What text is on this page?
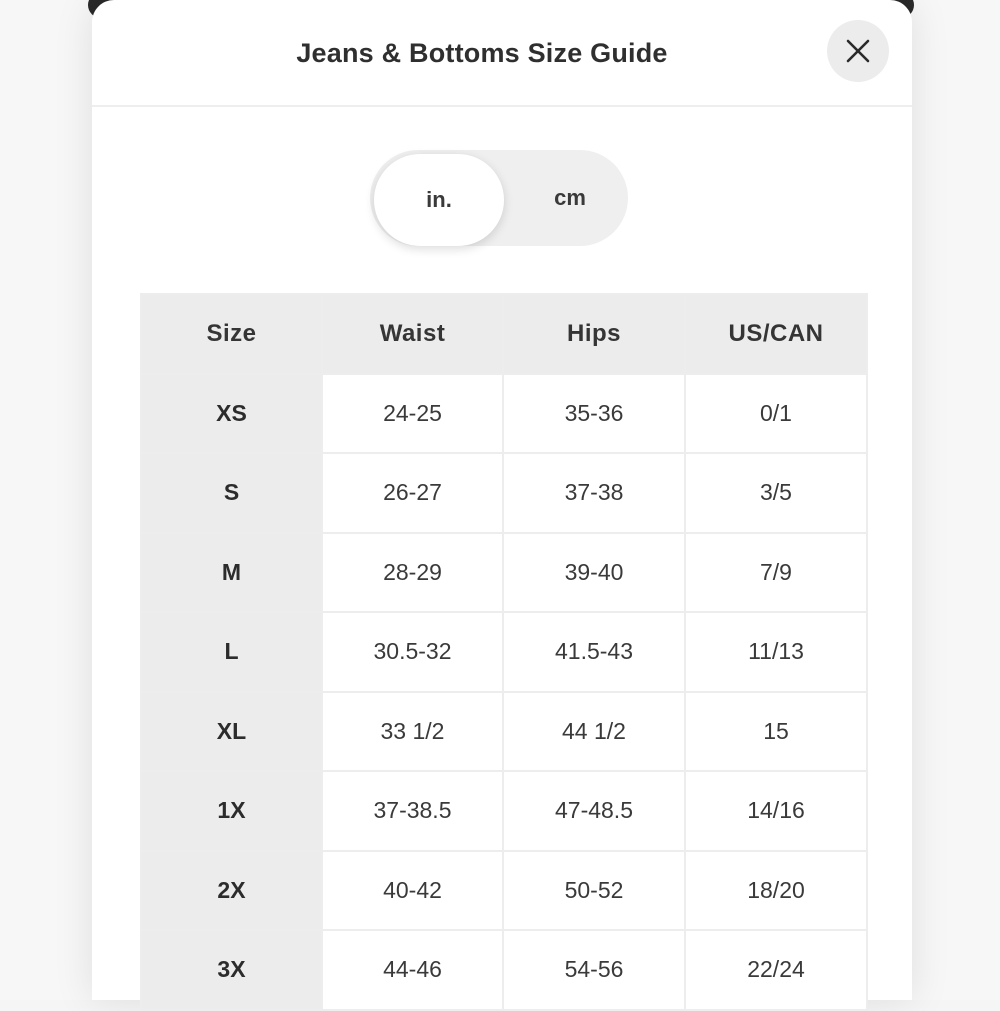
Jeans & Bottoms Size Guide
cm
in.
Size	Waist	Hips	US/CAN
XS	24-25	35-36	0/1
S	26-27	37-38	3/5
M	28-29	39-40	7/9
L	30.5-32	41.5-43	11/13
XL	33 1/2	44 1/2	15
1X	37-38.5	47-48.5	14/16
2X	40-42	50-52	18/20
3X	44-46	54-56	22/24
